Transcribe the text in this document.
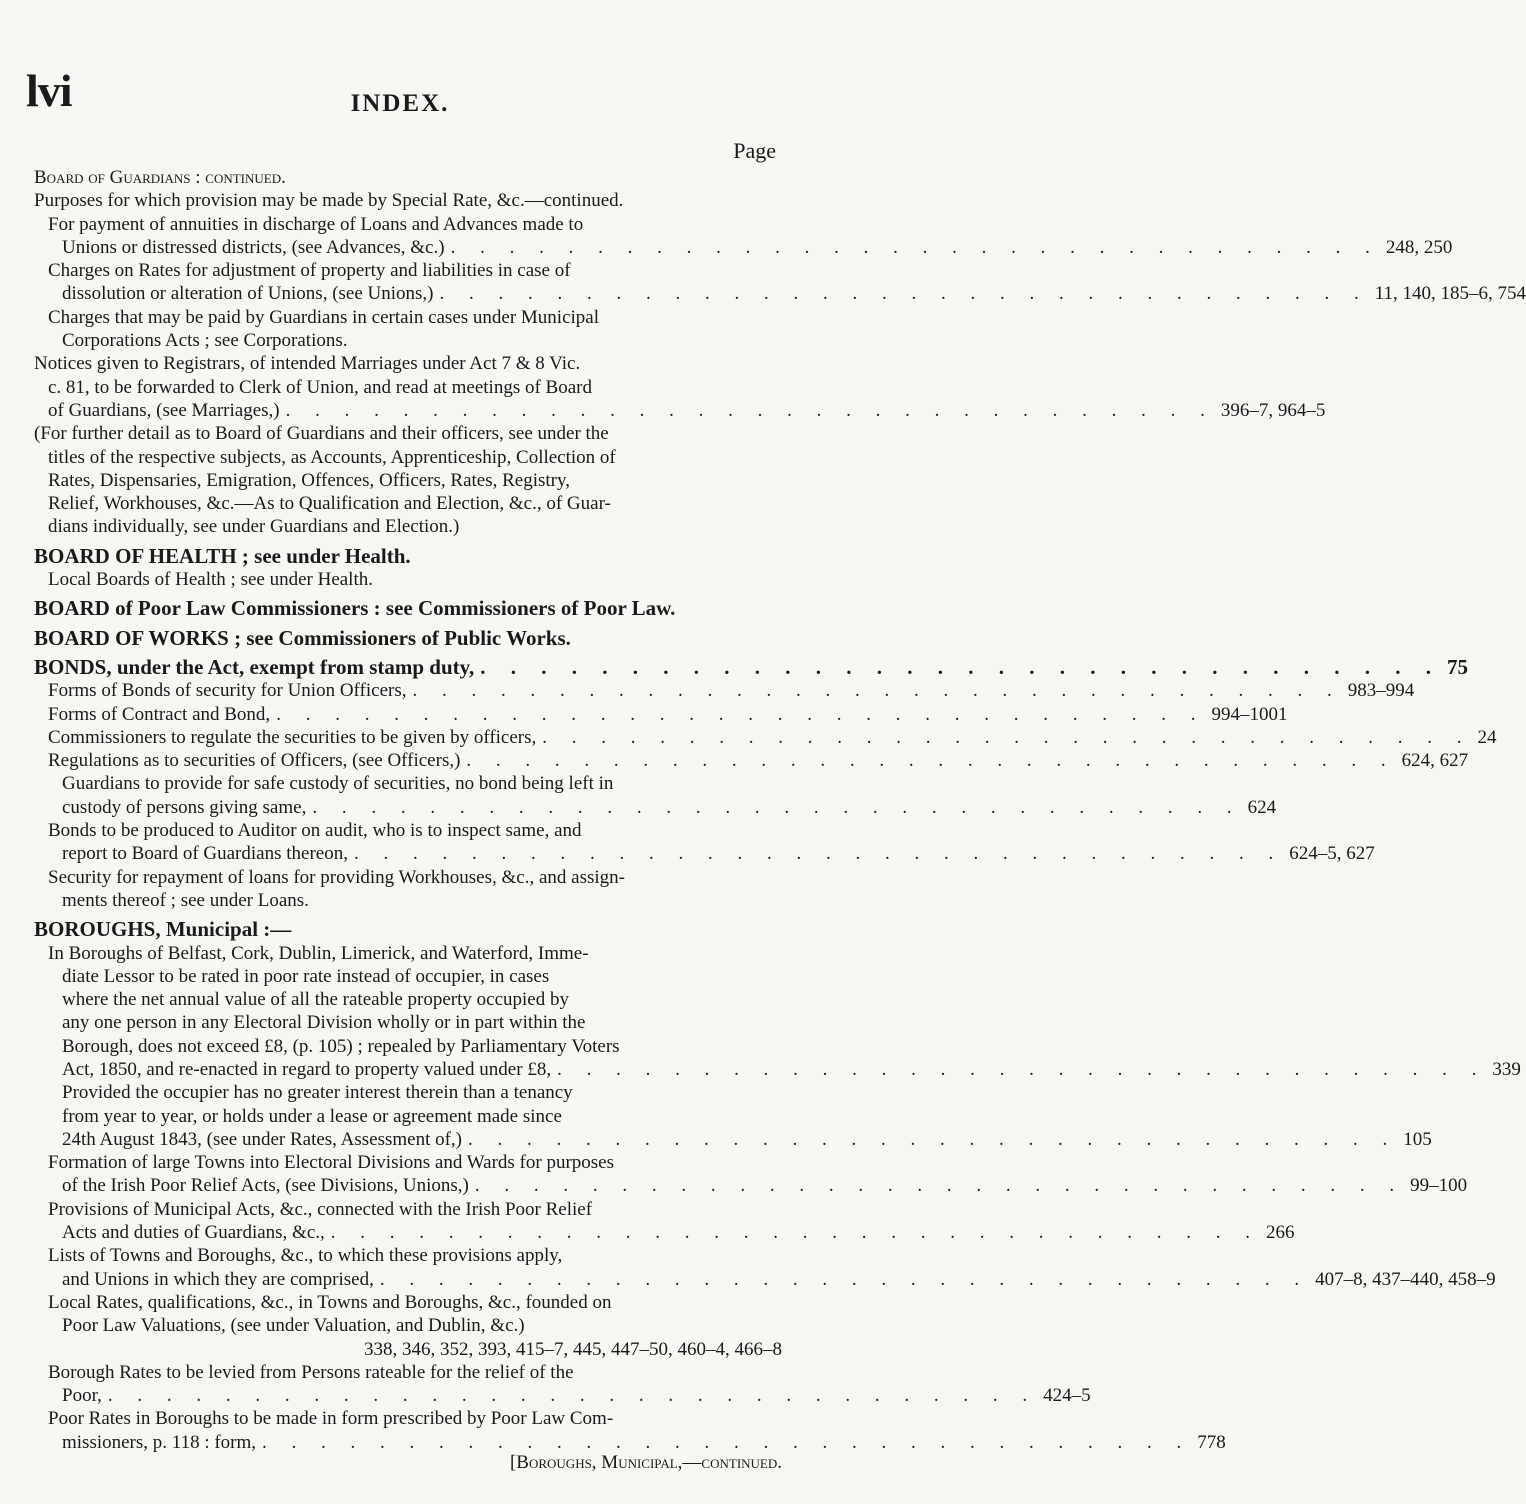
lvi	INDEX.
Page
Board of Guardians : continued.
Purposes for which provision may be made by Special Rate, &c.—continued.
For payment of annuities in discharge of Loans and Advances made to
Unions or distressed districts, (see Advances, &c.) . . . . . . . . . . . . . . . . . . . . . . . . . . . . . . . . 248, 250
Charges on Rates for adjustment of property and liabilities in case of
dissolution or alteration of Unions, (see Unions,) . . . . . . . . . . . . . . . . . . . . . . . . . . . . . . . . 11, 140, 185–6, 754
Charges that may be paid by Guardians in certain cases under Municipal
Corporations Acts ; see Corporations.
Notices given to Registrars, of intended Marriages under Act 7 & 8 Vic.
c. 81, to be forwarded to Clerk of Union, and read at meetings of Board
of Guardians, (see Marriages,) . . . . . . . . . . . . . . . . . . . . . . . . . . . . . . . . 396–7, 964–5
(For further detail as to Board of Guardians and their officers, see under the
titles of the respective subjects, as Accounts, Apprenticeship, Collection of
Rates, Dispensaries, Emigration, Offences, Officers, Rates, Registry,
Relief, Workhouses, &c.—As to Qualification and Election, &c., of Guar-
dians individually, see under Guardians and Election.)
BOARD OF HEALTH ; see under Health.
Local Boards of Health ; see under Health.
BOARD of Poor Law Commissioners : see Commissioners of Poor Law.
BOARD OF WORKS ; see Commissioners of Public Works.
BONDS, under the Act, exempt from stamp duty, . . . . . . . . . . . . . . . . . . . . . . . . . . . . . . . . 75
Forms of Bonds of security for Union Officers, . . . . . . . . . . . . . . . . . . . . . . . . . . . . . . . . 983–994
Forms of Contract and Bond, . . . . . . . . . . . . . . . . . . . . . . . . . . . . . . . . 994–1001
Commissioners to regulate the securities to be given by officers, . . . . . . . . . . . . . . . . . . . . . . . . . . . . . . . . 24
Regulations as to securities of Officers, (see Officers,) . . . . . . . . . . . . . . . . . . . . . . . . . . . . . . . . 624, 627
Guardians to provide for safe custody of securities, no bond being left in
custody of persons giving same, . . . . . . . . . . . . . . . . . . . . . . . . . . . . . . . . 624
Bonds to be produced to Auditor on audit, who is to inspect same, and
report to Board of Guardians thereon, . . . . . . . . . . . . . . . . . . . . . . . . . . . . . . . . 624–5, 627
Security for repayment of loans for providing Workhouses, &c., and assign-
ments thereof ; see under Loans.
BOROUGHS, Municipal :—
In Boroughs of Belfast, Cork, Dublin, Limerick, and Waterford, Imme-
diate Lessor to be rated in poor rate instead of occupier, in cases
where the net annual value of all the rateable property occupied by
any one person in any Electoral Division wholly or in part within the
Borough, does not exceed £8, (p. 105) ; repealed by Parliamentary Voters
Act, 1850, and re-enacted in regard to property valued under £8, . . . . . . . . . . . . . . . . . . . . . . . . . . . . . . . . 339
Provided the occupier has no greater interest therein than a tenancy
from year to year, or holds under a lease or agreement made since
24th August 1843, (see under Rates, Assessment of,) . . . . . . . . . . . . . . . . . . . . . . . . . . . . . . . . 105
Formation of large Towns into Electoral Divisions and Wards for purposes
of the Irish Poor Relief Acts, (see Divisions, Unions,) . . . . . . . . . . . . . . . . . . . . . . . . . . . . . . . . 99–100
Provisions of Municipal Acts, &c., connected with the Irish Poor Relief
Acts and duties of Guardians, &c., . . . . . . . . . . . . . . . . . . . . . . . . . . . . . . . . 266
Lists of Towns and Boroughs, &c., to which these provisions apply,
and Unions in which they are comprised, . . . . . . . . . . . . . . . . . . . . . . . . . . . . . . . . 407–8, 437–440, 458–9
Local Rates, qualifications, &c., in Towns and Boroughs, &c., founded on
Poor Law Valuations, (see under Valuation, and Dublin, &c.)
338, 346, 352, 393, 415–7, 445, 447–50, 460–4, 466–8
Borough Rates to be levied from Persons rateable for the relief of the
Poor, . . . . . . . . . . . . . . . . . . . . . . . . . . . . . . . . 424–5
Poor Rates in Boroughs to be made in form prescribed by Poor Law Com-
missioners, p. 118 : form, . . . . . . . . . . . . . . . . . . . . . . . . . . . . . . . . 778
[Boroughs, Municipal,—continued.
